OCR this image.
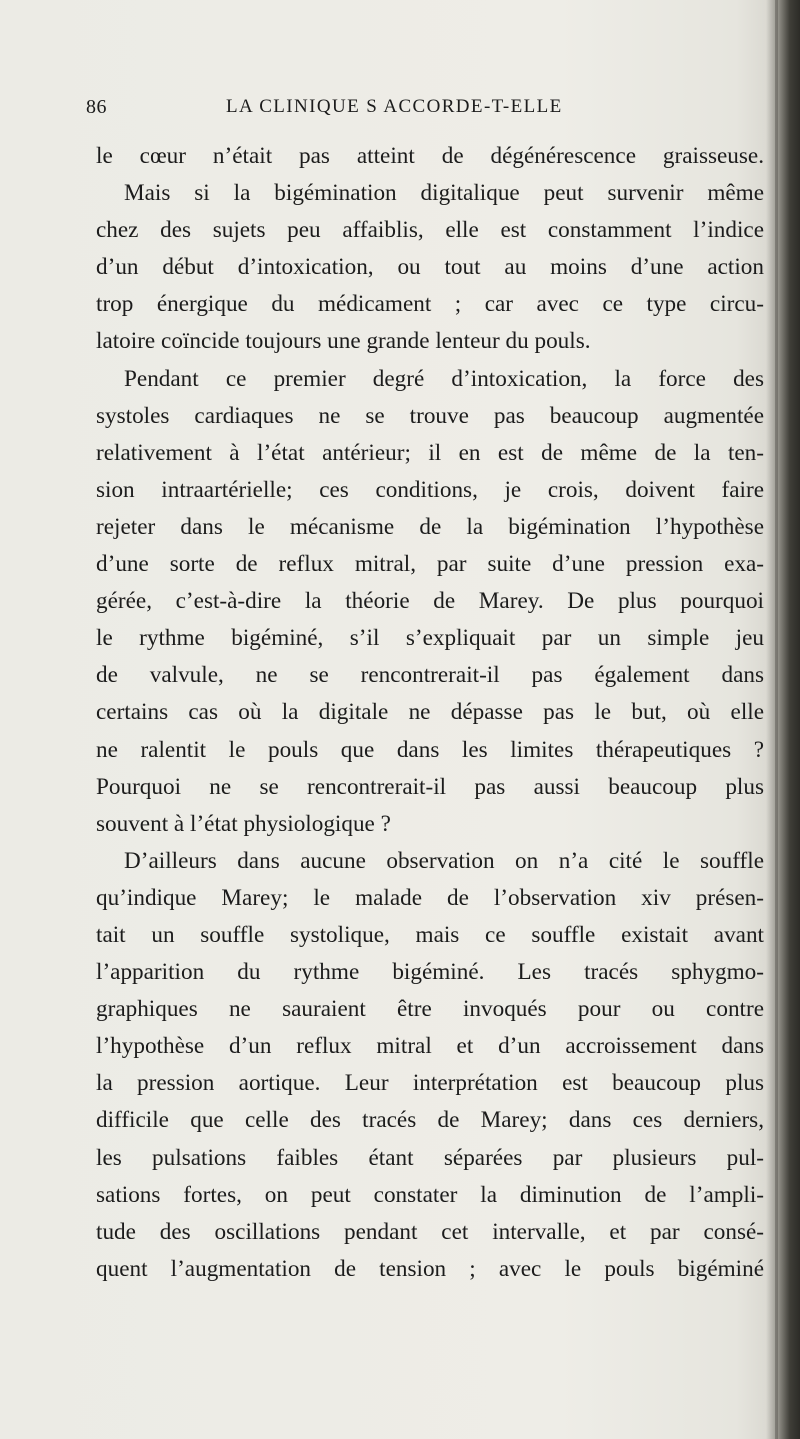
86	LA CLINIQUE S ACCORDE-T-ELLE
le cœur n’était pas atteint de dégénérescence graisseuse.
Mais si la bigémination digitalique peut survenir même
chez des sujets peu affaiblis, elle est constamment l’indice
d’un début d’intoxication, ou tout au moins d’une action
trop énergique du médicament ; car avec ce type circu-
latoire coïncide toujours une grande lenteur du pouls.
Pendant ce premier degré d’intoxication, la force des
systoles cardiaques ne se trouve pas beaucoup augmentée
relativement à l’état antérieur; il en est de même de la ten-
sion intraartérielle; ces conditions, je crois, doivent faire
rejeter dans le mécanisme de la bigémination l’hypothèse
d’une sorte de reflux mitral, par suite d’une pression exa-
gérée, c’est-à-dire la théorie de Marey. De plus pourquoi
le rythme bigéminé, s’il s’expliquait par un simple jeu
de valvule, ne se rencontrerait-il pas également dans
certains cas où la digitale ne dépasse pas le but, où elle
ne ralentit le pouls que dans les limites thérapeutiques ?
Pourquoi ne se rencontrerait-il pas aussi beaucoup plus
souvent à l’état physiologique ?
D’ailleurs dans aucune observation on n’a cité le souffle
qu’indique Marey; le malade de l’observation xiv présen-
tait un souffle systolique, mais ce souffle existait avant
l’apparition du rythme bigéminé. Les tracés sphygmo-
graphiques ne sauraient être invoqués pour ou contre
l’hypothèse d’un reflux mitral et d’un accroissement dans
la pression aortique. Leur interprétation est beaucoup plus
difficile que celle des tracés de Marey; dans ces derniers,
les pulsations faibles étant séparées par plusieurs pul-
sations fortes, on peut constater la diminution de l’ampli-
tude des oscillations pendant cet intervalle, et par consé-
quent l’augmentation de tension ; avec le pouls bigéminé
